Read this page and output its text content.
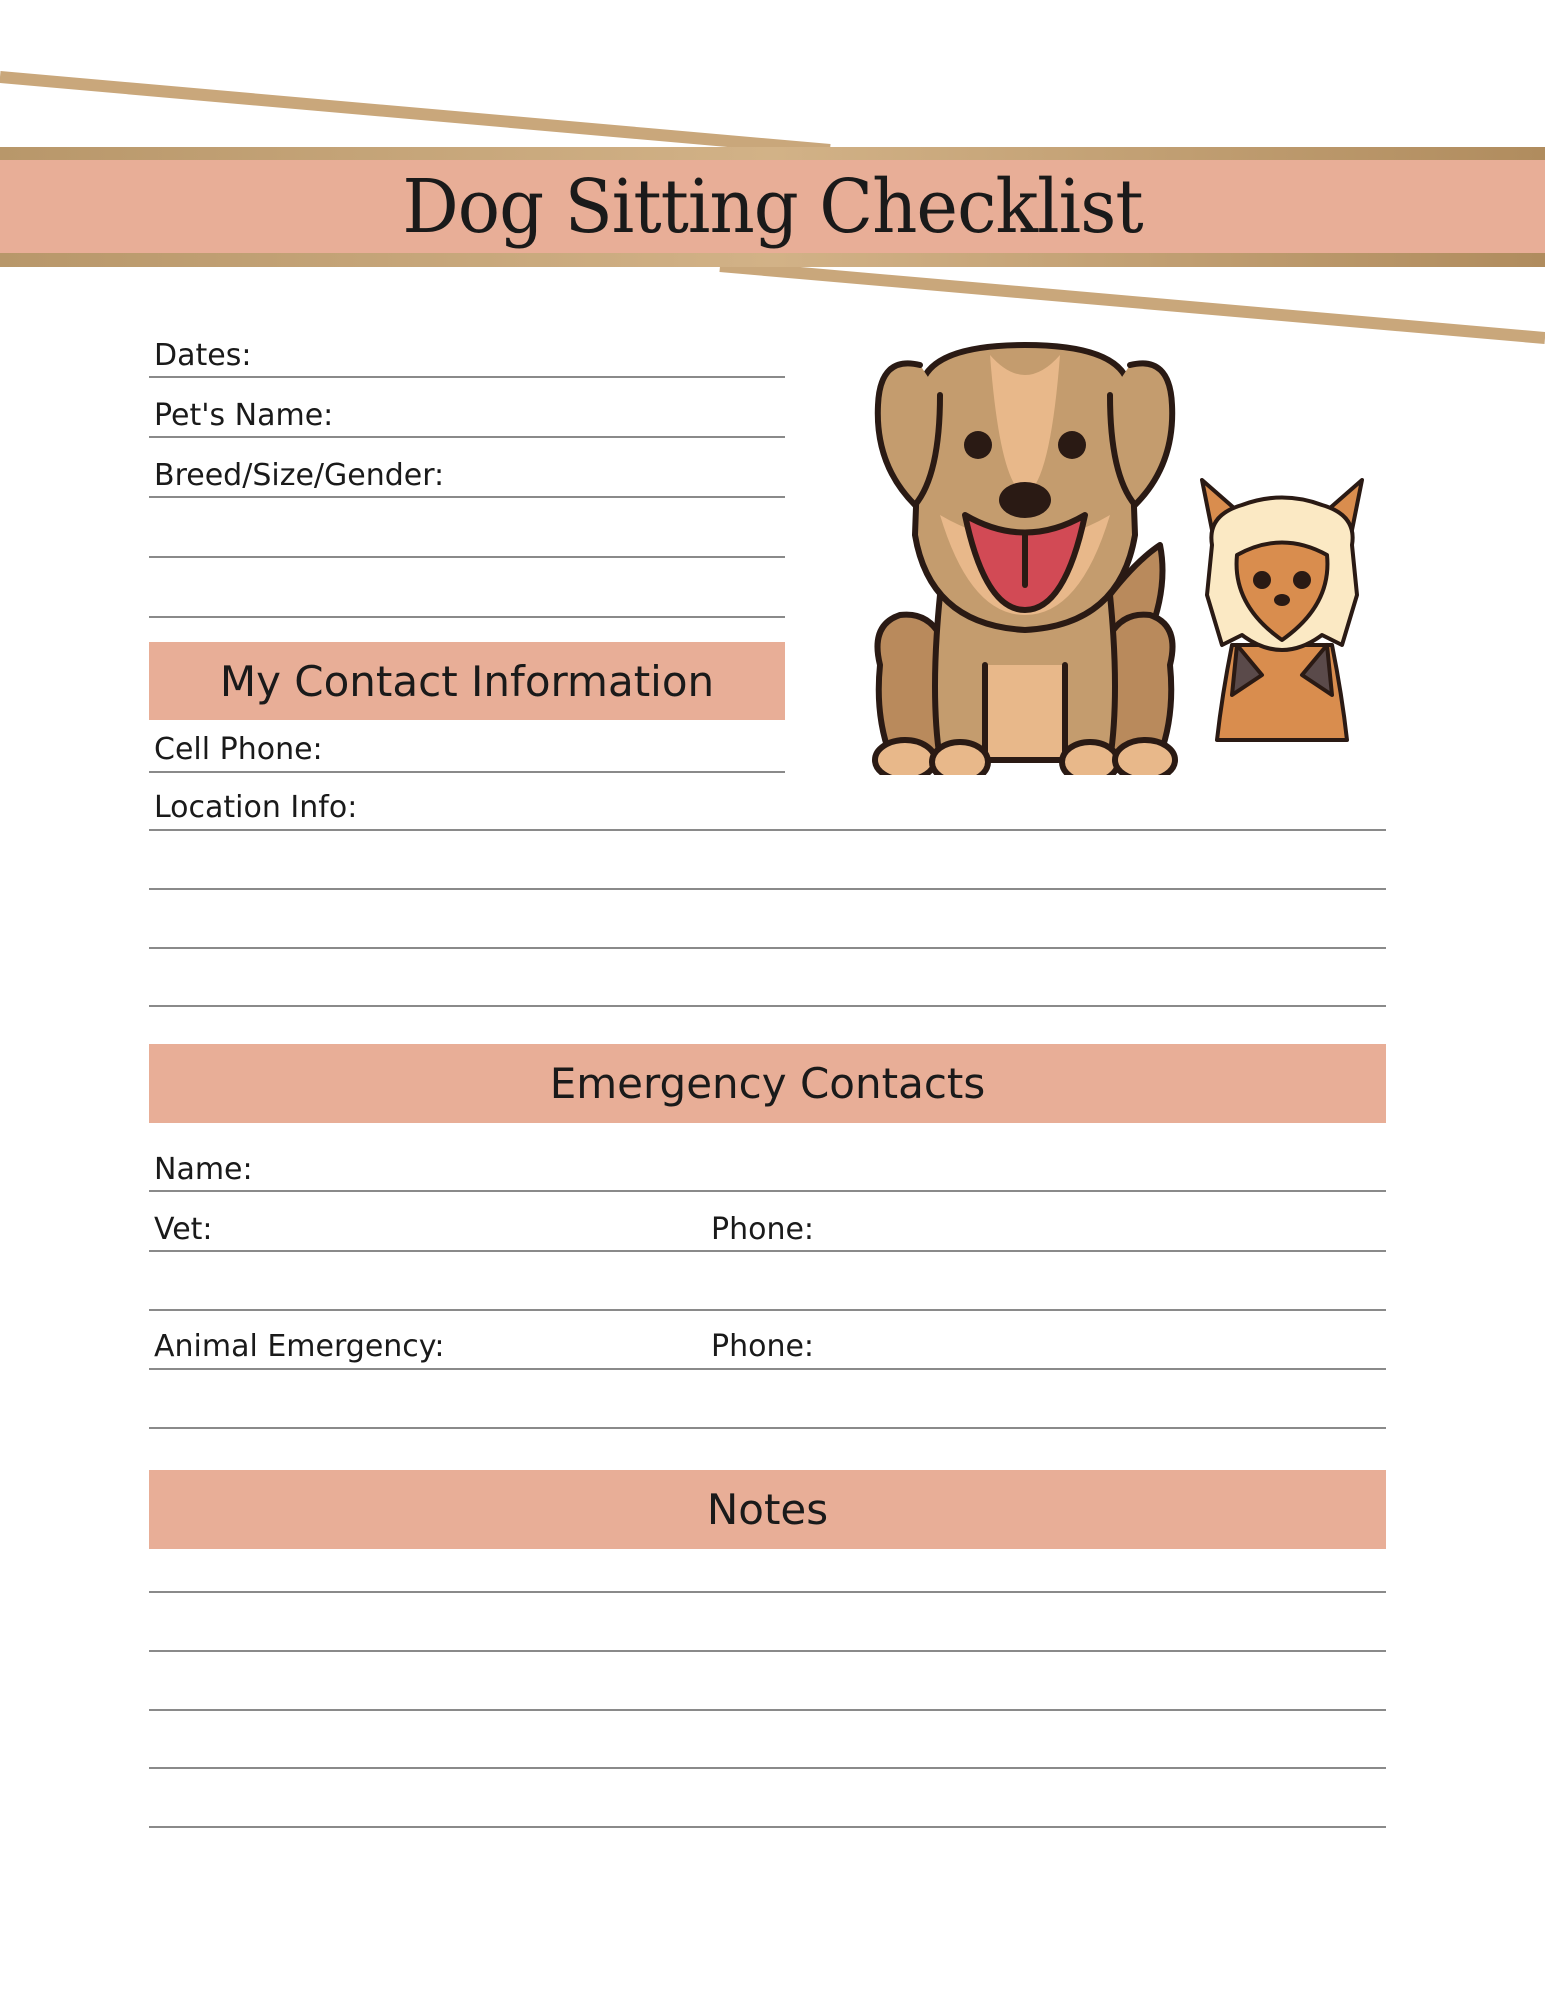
Dog Sitting Checklist
Dates:
Pet's Name:
Breed/Size/Gender:
My Contact Information
Cell Phone:
Location Info:
Emergency Contacts
Name:
Vet:	Phone:
Animal Emergency:	Phone:
Notes
